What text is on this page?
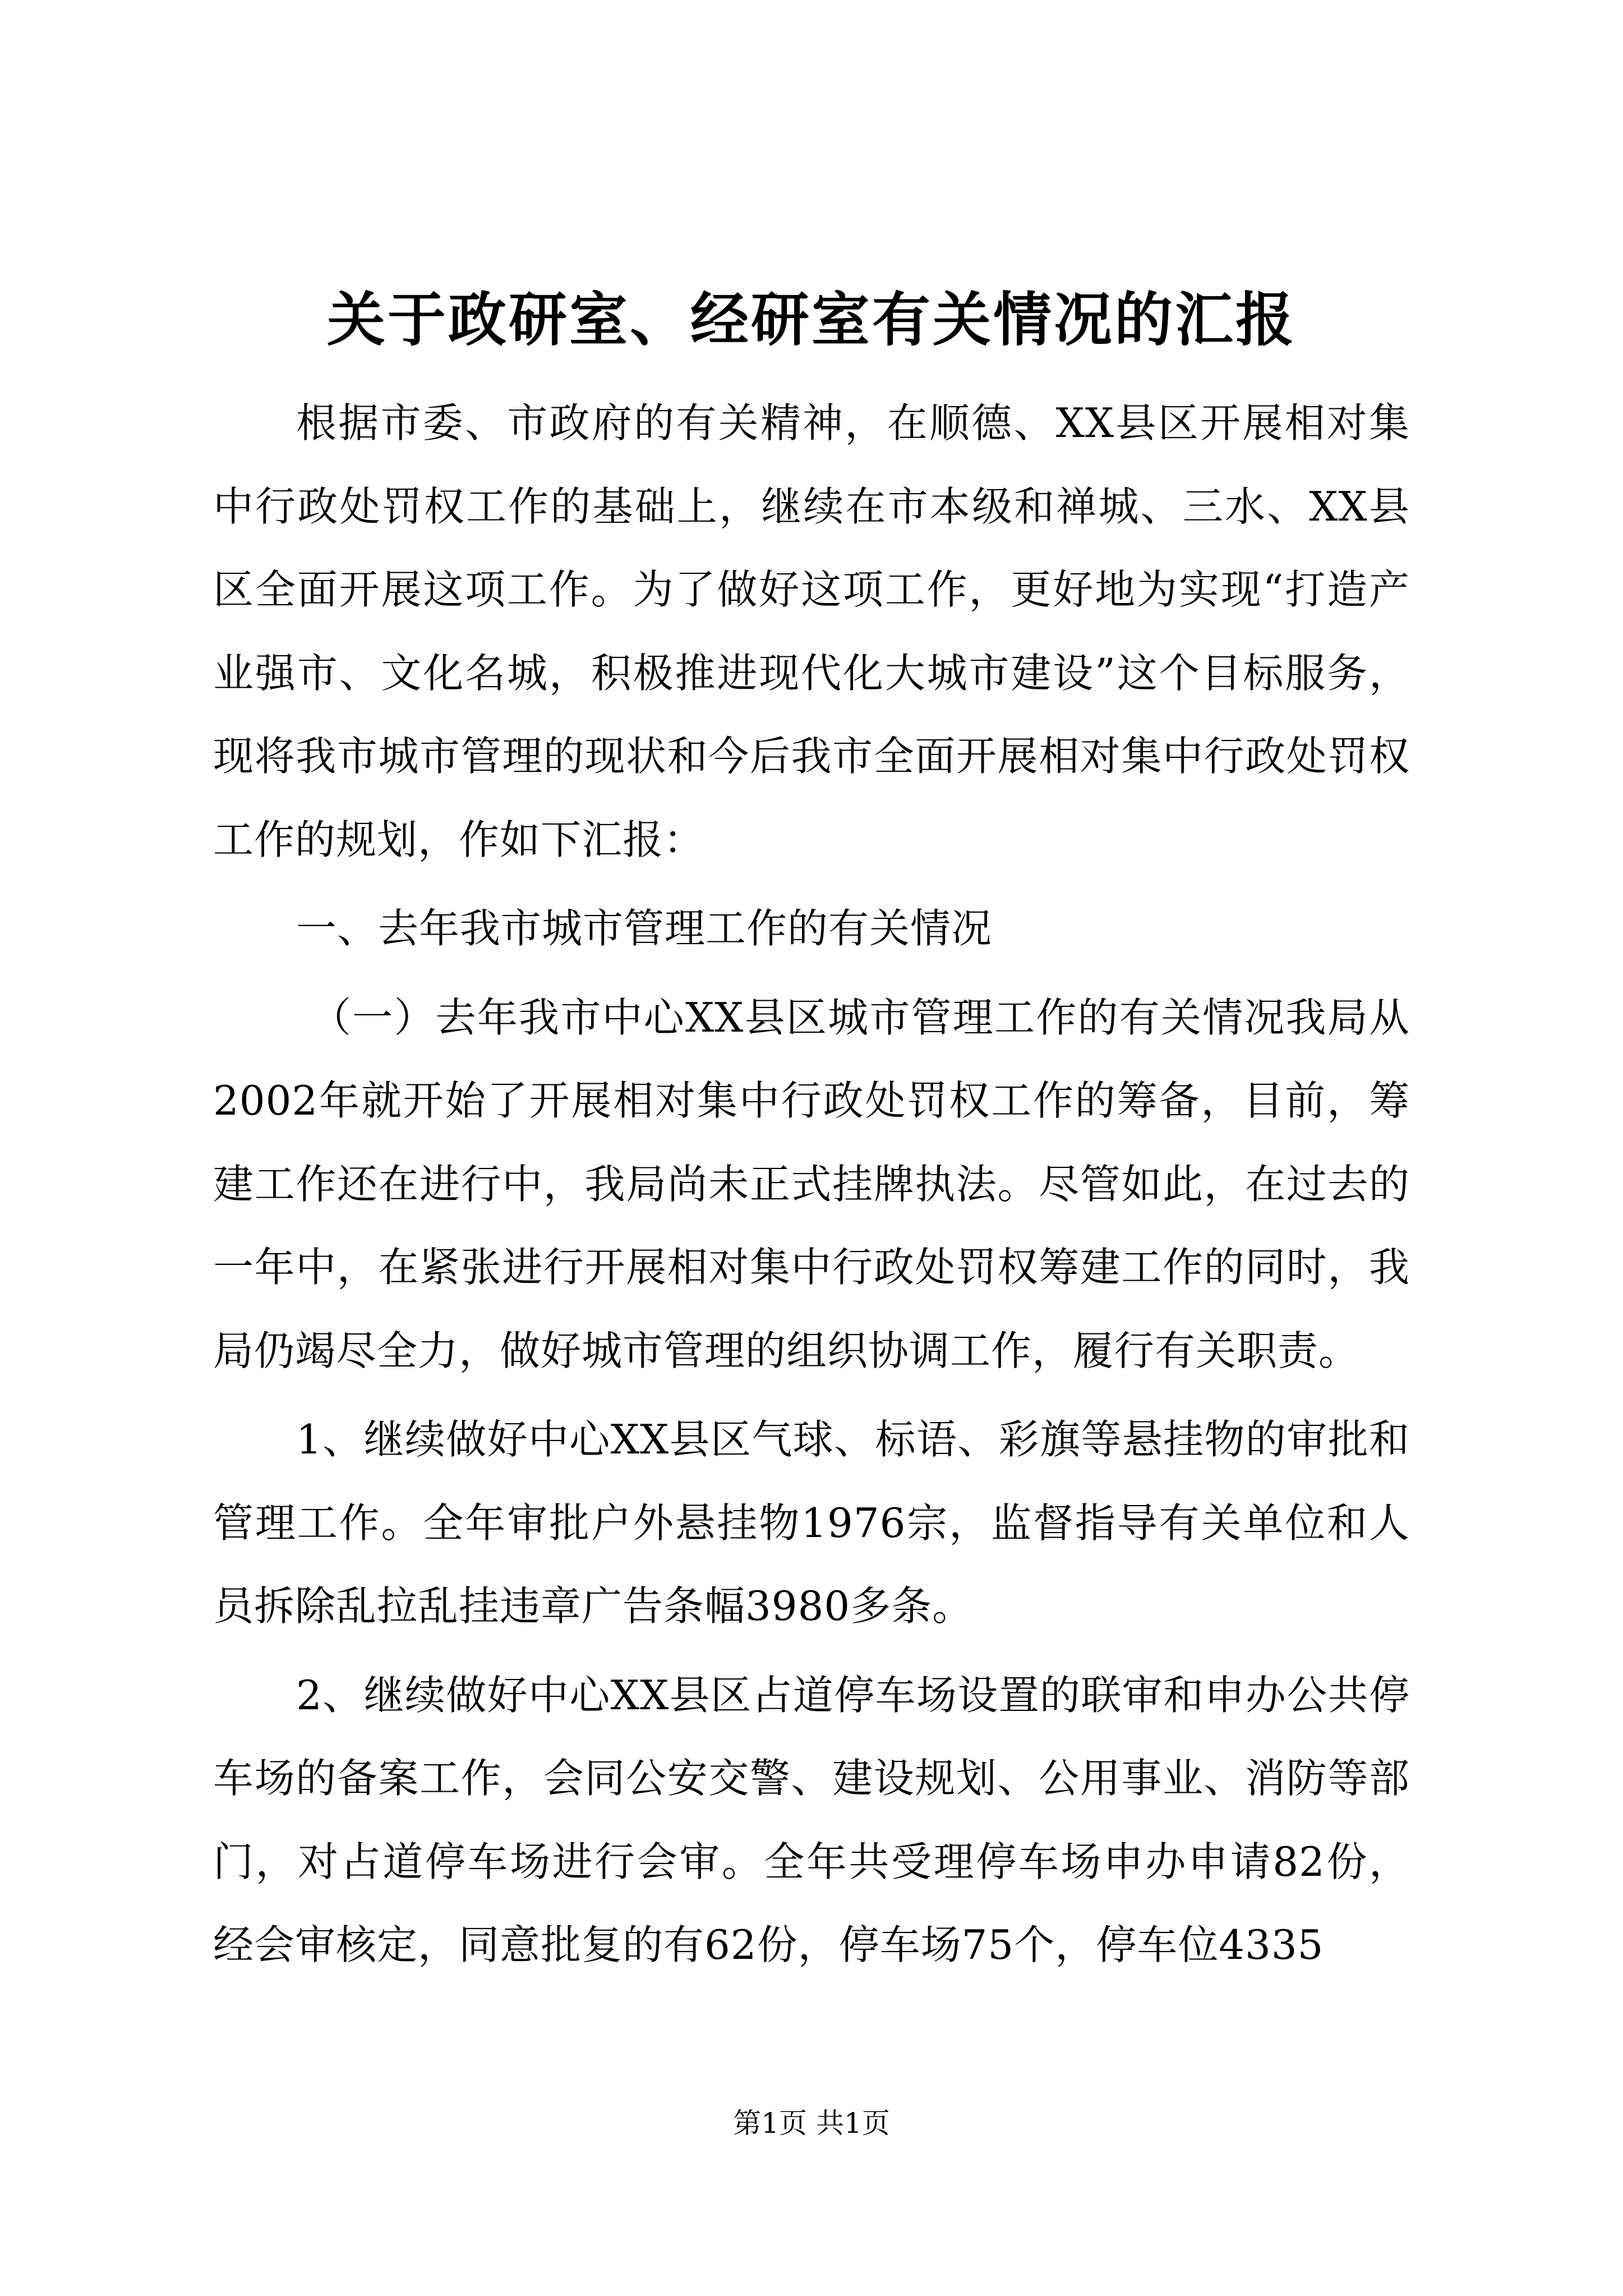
关于政研室、经研室有关情况的汇报

根据市委、市政府的有关精神，在顺德、XX县区开展相对集中行政处罚权工作的基础上，继续在市本级和禅城、三水、XX县区全面开展这项工作。为了做好这项工作，更好地为实现“打造产业强市、文化名城，积极推进现代化大城市建设”这个目标服务，现将我市城市管理的现状和今后我市全面开展相对集中行政处罚权工作的规划，作如下汇报：

一、去年我市城市管理工作的有关情况

（一）去年我市中心XX县区城市管理工作的有关情况我局从2002年就开始了开展相对集中行政处罚权工作的筹备，目前，筹建工作还在进行中，我局尚未正式挂牌执法。尽管如此，在过去的一年中，在紧张进行开展相对集中行政处罚权筹建工作的同时，我局仍竭尽全力，做好城市管理的组织协调工作，履行有关职责。

1、继续做好中心XX县区气球、标语、彩旗等悬挂物的审批和管理工作。全年审批户外悬挂物1976宗，监督指导有关单位和人员拆除乱拉乱挂违章广告条幅3980多条。

2、继续做好中心XX县区占道停车场设置的联审和申办公共停车场的备案工作，会同公安交警、建设规划、公用事业、消防等部门，对占道停车场进行会审。全年共受理停车场申办申请82份，经会审核定，同意批复的有62份，停车场75个，停车位4335

第1页 共1页
